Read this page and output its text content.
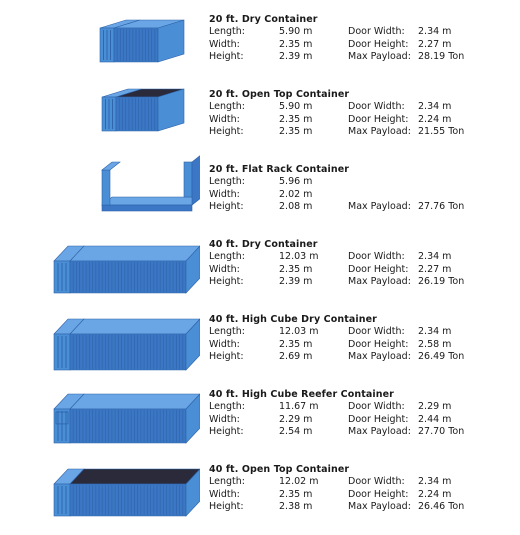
20 ft. Dry Container
Length:	5.90 m	Door Width: 2.34 m
Width:	2.35 m	Door Height: 2.27 m
Height:	2.39 m	Max Payload: 28.19 Ton
20 ft. Open Top Container
Length:	5.90 m	Door Width: 2.34 m
Width:	2.35 m	Door Height: 2.24 m
Height:	2.35 m	Max Payload: 21.55 Ton
20 ft. Flat Rack Container
Length:	5.96 m
Width:	2.02 m
Height:	2.08 m	Max Payload: 27.76 Ton
40 ft. Dry Container
Length:	12.03 m	Door Width: 2.34 m
Width:	2.35 m	Door Height: 2.27 m
Height:	2.39 m	Max Payload: 26.19 Ton
40 ft. High Cube Dry Container
Length:	12.03 m	Door Width: 2.34 m
Width:	2.35 m	Door Height: 2.58 m
Height:	2.69 m	Max Payload: 26.49 Ton
40 ft. High Cube Reefer Container
Length:	11.67 m	Door Width: 2.29 m
Width:	2.29 m	Door Height: 2.44 m
Height:	2.54 m	Max Payload: 27.70 Ton
40 ft. Open Top Container
Length:	12.02 m	Door Width: 2.34 m
Width:	2.35 m	Door Height: 2.24 m
Height:	2.38 m	Max Payload: 26.46 Ton
